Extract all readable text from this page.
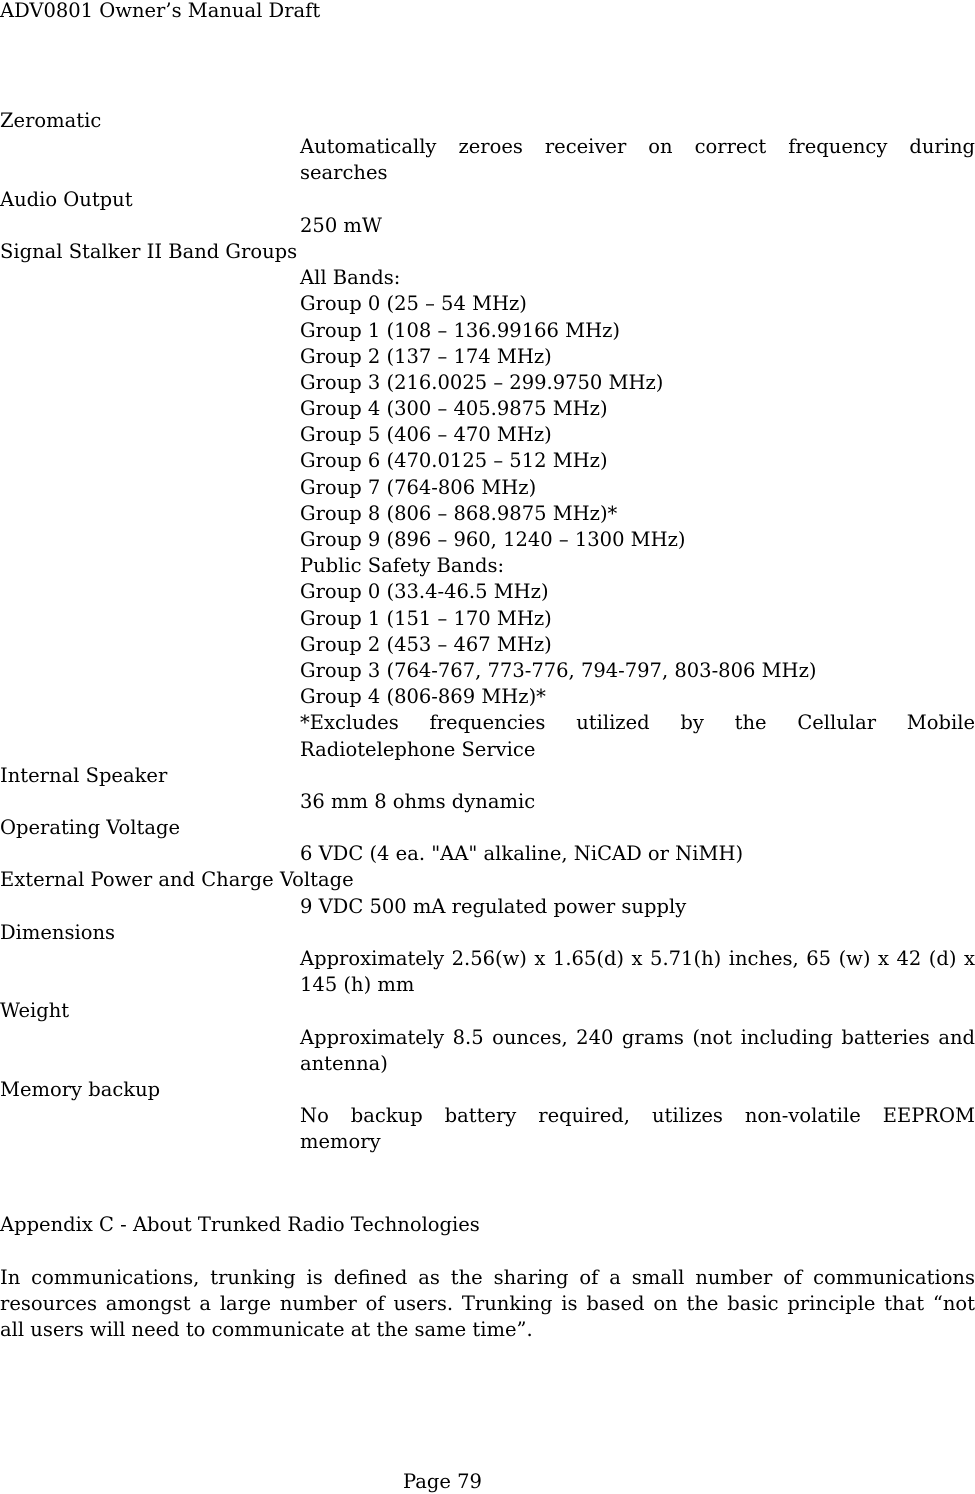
ADV0801 Owner’s Manual Draft
Zeromatic
Automatically zeroes receiver on correct frequency during
searches
Audio Output
250 mW
Signal Stalker II Band Groups
All Bands:
Group 0 (25 – 54 MHz)
Group 1 (108 – 136.99166 MHz)
Group 2 (137 – 174 MHz)
Group 3 (216.0025 – 299.9750 MHz)
Group 4 (300 – 405.9875 MHz)
Group 5 (406 – 470 MHz)
Group 6 (470.0125 – 512 MHz)
Group 7 (764-806 MHz)
Group 8 (806 – 868.9875 MHz)*
Group 9 (896 – 960, 1240 – 1300 MHz)
Public Safety Bands:
Group 0 (33.4-46.5 MHz)
Group 1 (151 – 170 MHz)
Group 2 (453 – 467 MHz)
Group 3 (764-767, 773-776, 794-797, 803-806 MHz)
Group 4 (806-869 MHz)*
*Excludes frequencies utilized by the Cellular Mobile
Radiotelephone Service
Internal Speaker
36 mm 8 ohms dynamic
Operating Voltage
6 VDC (4 ea. "AA" alkaline, NiCAD or NiMH)
External Power and Charge Voltage
9 VDC 500 mA regulated power supply
Dimensions
Approximately 2.56(w) x 1.65(d) x 5.71(h) inches, 65 (w) x 42 (d) x
145 (h) mm
Weight
Approximately 8.5 ounces, 240 grams (not including batteries and
antenna)
Memory backup
No backup battery required, utilizes non-volatile EEPROM
memory
Appendix C - About Trunked Radio Technologies
In communications, trunking is defined as the sharing of a small number of communications
resources amongst a large number of users. Trunking is based on the basic principle that “not
all users will need to communicate at the same time”.
Page 79
